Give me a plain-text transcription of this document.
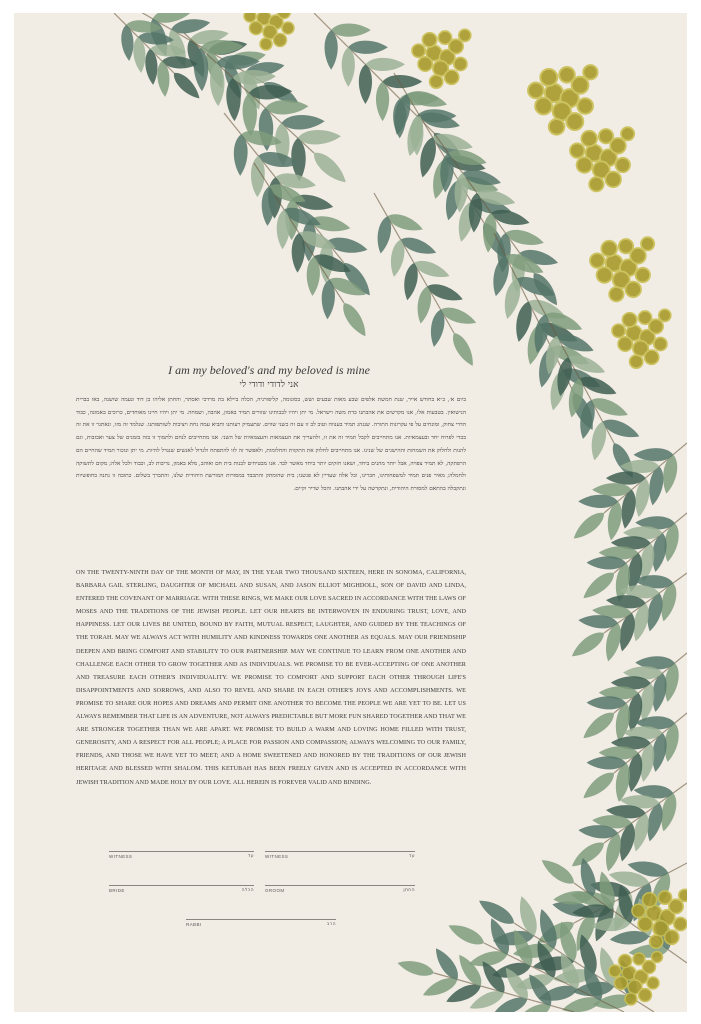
I am my beloved's and my beloved is mine
אני לדודי ודודי לי
ביום א׳, כ״א בחודש אייר, שנת חמשת אלפים שבע מאות שבעים ושש, בסונומה, קליפורניה, הכלה ביילא בת מרדכי ואסתר, והחתן אליהו בן דוד ונעמה שושנה, באו בברית הנישואין. בטבעות אלו, אנו מקדשים את אהבתנו כדת משה וישראל. מי יתן ויהיו לבבותינו שזורים תמיד באמון, אהבה, ושמחה. מי יתן ויהיו חיינו מאוחדים, כרוכים באמונה, כבוד הדדי צחוק, ומונחים על פי עקרונות התורה. שנגהג תמיד בענווה וטוב לב זו עם זה כשני שווים. שתעמיק רעותנו ותביא עמה נחת ויציבות לשותפותנו. שנלמד זה מזו, ונאתגר זו את זה בכדי לפרוח יחד ובעצמאיות. אנו מתחייבים לקבל תמיד זה את זו, ולהעריך את העצמאות והעצמאיות של השני. אנו מתחייבים לנחם ולתמוך זו בזה בזמנים של צער ואכזבות, וגם להנות ולחלוק את השמחות וההישגים של שנינו. אנו מתחייבים לחלוק את התקוות והחלומות, ולאפשר זה לזו להתפתח ולגדול לאנשים שנגדל להיות. מי יתן ונזכור תמיד שהחיים הם הרפתקה, לא תמיד צפויה, אבל יותר מהנים ביחד, ושאנו חזקים יותר ביחד מאשר לבד. אנו מבטיחים לבנות בית חם ואוהב, מלא באמון, נדיבות לב, וכבוד ולכל אלה; מקום לתשוקה ולחמלה; מאיר פנים תמיד למשפחותינו, חברינו, וכל אלה שעדיין לא פגשנו; בית שהומתק והתכבד במסורות המורשת היהודית שלנו, והתברך בשלום. כתובה זו נתנה בחופשיות ונתקבלה בהתאם למסורת היהודית, ונתקדשה על ידי אהבתנו. והכל שריר וקיים.
ON THE TWENTY-NINTH DAY OF THE MONTH OF MAY, IN THE YEAR TWO THOUSAND SIXTEEN, HERE IN SONOMA, CALIFORNIA, BARBARA GAIL STERLING, DAUGHTER OF MICHAEL AND SUSAN, AND JASON ELLIOT MIGHDOLL, SON OF DAVID AND LINDA, ENTERED THE COVENANT OF MARRIAGE. WITH THESE RINGS, WE MAKE OUR LOVE SACRED IN ACCORDANCE WITH THE LAWS OF MOSES AND THE TRADITIONS OF THE JEWISH PEOPLE. LET OUR HEARTS BE INTERWOVEN IN ENDURING TRUST, LOVE, AND HAPPINESS. LET OUR LIVES BE UNITED, BOUND BY FAITH, MUTUAL RESPECT, LAUGHTER, AND GUIDED BY THE TEACHINGS OF THE TORAH. MAY WE ALWAYS ACT WITH HUMILITY AND KINDNESS TOWARDS ONE ANOTHER AS EQUALS. MAY OUR FRIENDSHIP DEEPEN AND BRING COMFORT AND STABILITY TO OUR PARTNERSHIP. MAY WE CONTINUE TO LEARN FROM ONE ANOTHER AND CHALLENGE EACH OTHER TO GROW TOGETHER AND AS INDIVIDUALS. WE PROMISE TO BE EVER-ACCEPTING OF ONE ANOTHER AND TREASURE EACH OTHER'S INDIVIDUALITY. WE PROMISE TO COMFORT AND SUPPORT EACH OTHER THROUGH LIFE'S DISAPPOINTMENTS AND SORROWS, AND ALSO TO REVEL AND SHARE IN EACH OTHER'S JOYS AND ACCOMPLISHMENTS. WE PROMISE TO SHARE OUR HOPES AND DREAMS AND PERMIT ONE ANOTHER TO BECOME THE PEOPLE WE ARE YET TO BE. LET US ALWAYS REMEMBER THAT LIFE IS AN ADVENTURE, NOT ALWAYS PREDICTABLE BUT MORE FUN SHARED TOGETHER AND THAT WE ARE STRONGER TOGETHER THAN WE ARE APART. WE PROMISE TO BUILD A WARM AND LOVING HOME FILLED WITH TRUST, GENEROSITY, AND A RESPECT FOR ALL PEOPLE; A PLACE FOR PASSION AND COMPASSION; ALWAYS WELCOMING TO OUR FAMILY, FRIENDS, AND THOSE WE HAVE YET TO MEET; AND A HOME SWEETENED AND HONORED BY THE TRADITIONS OF OUR JEWISH HERITAGE AND BLESSED WITH SHALOM. THIS KETUBAH HAS BEEN FREELY GIVEN AND IS ACCEPTED IN ACCORDANCE WITH JEWISH TRADITION AND MADE HOLY BY OUR LOVE. ALL HEREIN IS FOREVER VALID AND BINDING.
WITNESS	עד WITNESS	עד
BRIDE	הכלה GROOM	החתן
RABBI	הרב
